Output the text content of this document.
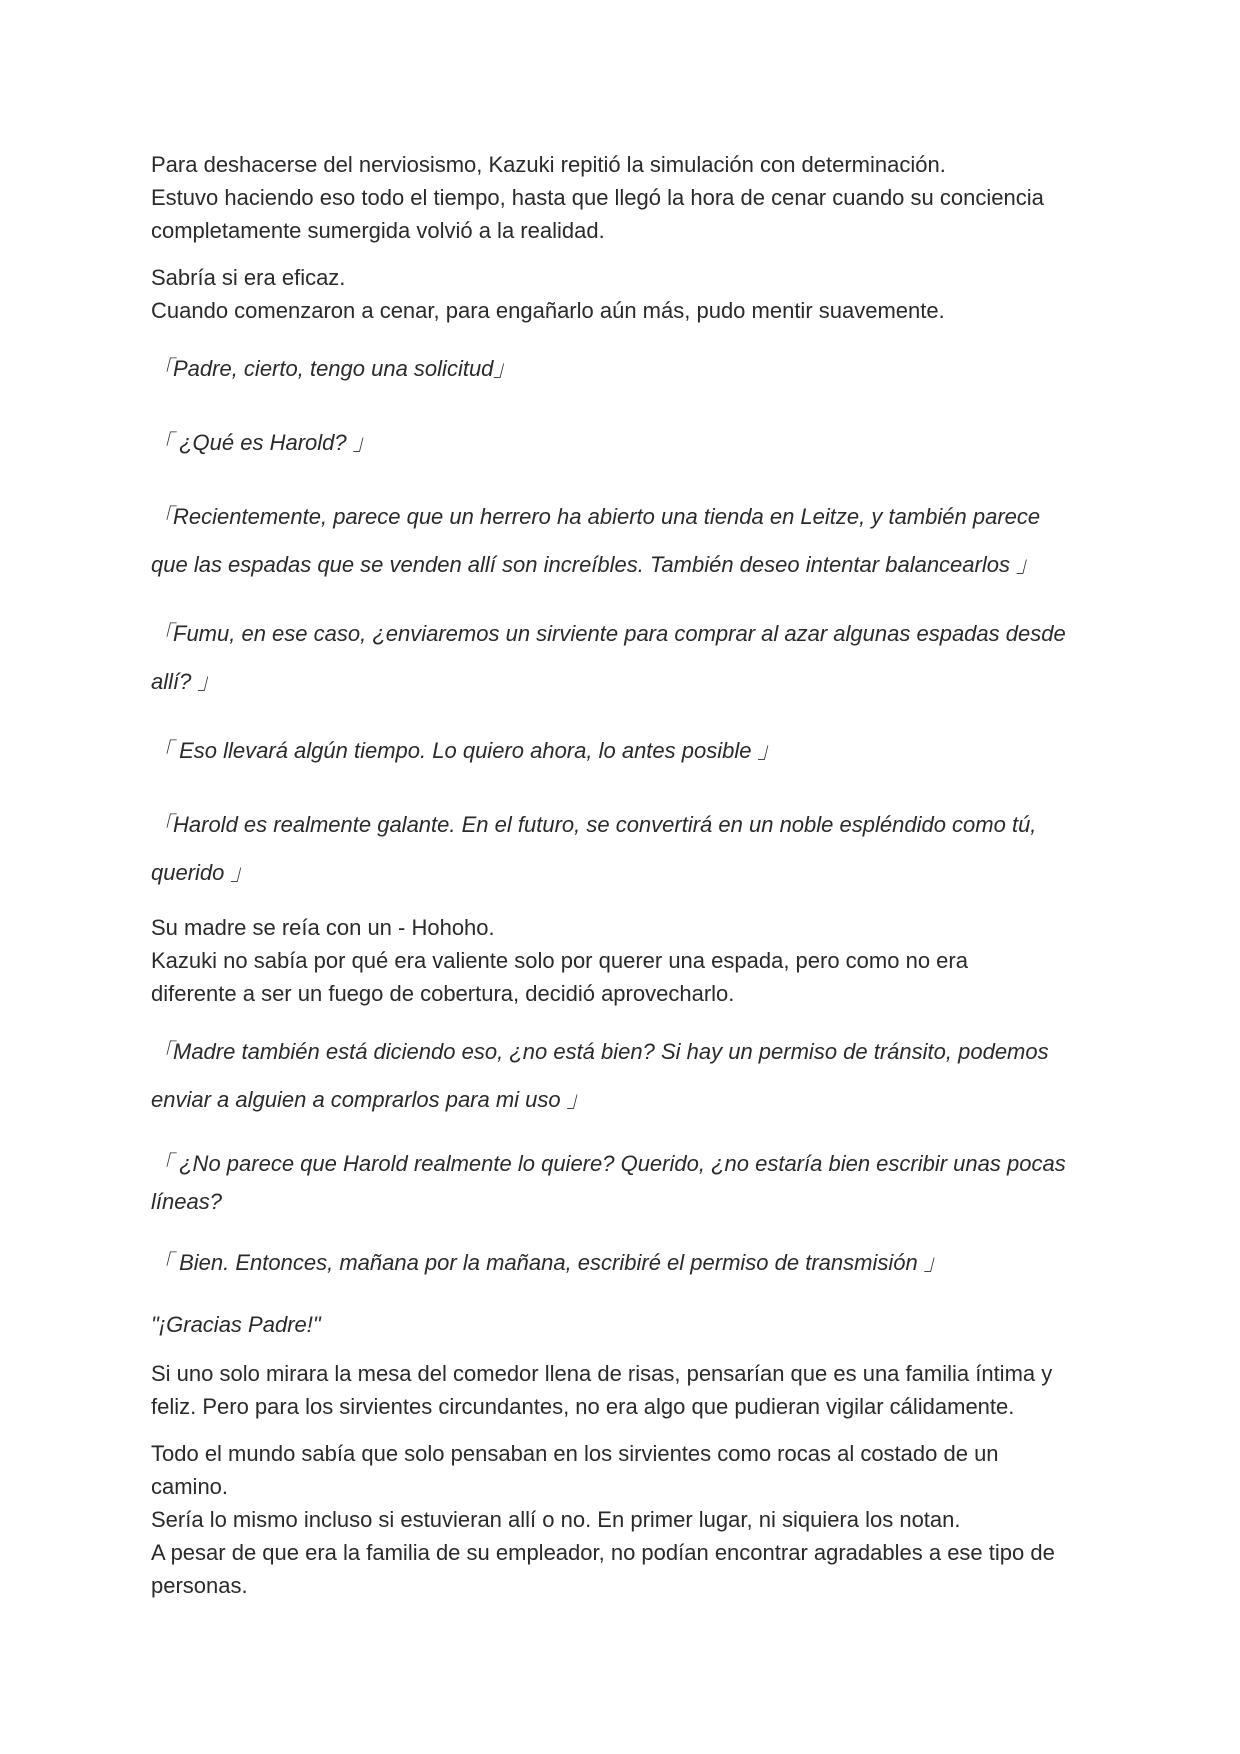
Para deshacerse del nerviosismo, Kazuki repitió la simulación con determinación.
Estuvo haciendo eso todo el tiempo, hasta que llegó la hora de cenar cuando su conciencia
completamente sumergida volvió a la realidad.
Sabría si era eficaz.
Cuando comenzaron a cenar, para engañarlo aún más, pudo mentir suavemente.
「Padre, cierto, tengo una solicitud」
「 ¿Qué es Harold? 」
「Recientemente, parece que un herrero ha abierto una tienda en Leitze, y también parece
que las espadas que se venden allí son increíbles. También deseo intentar balancearlos 」
「Fumu, en ese caso, ¿enviaremos un sirviente para comprar al azar algunas espadas desde
allí? 」
「 Eso llevará algún tiempo. Lo quiero ahora, lo antes posible 」
「Harold es realmente galante. En el futuro, se convertirá en un noble espléndido como tú,
querido 」
Su madre se reía con un - Hohoho.
Kazuki no sabía por qué era valiente solo por querer una espada, pero como no era
diferente a ser un fuego de cobertura, decidió aprovecharlo.
「Madre también está diciendo eso, ¿no está bien? Si hay un permiso de tránsito, podemos
enviar a alguien a comprarlos para mi uso 」
「 ¿No parece que Harold realmente lo quiere? Querido, ¿no estaría bien escribir unas pocas
líneas?
「 Bien. Entonces, mañana por la mañana, escribiré el permiso de transmisión 」
"¡Gracias Padre!"
Si uno solo mirara la mesa del comedor llena de risas, pensarían que es una familia íntima y
feliz. Pero para los sirvientes circundantes, no era algo que pudieran vigilar cálidamente.
Todo el mundo sabía que solo pensaban en los sirvientes como rocas al costado de un
camino.
Sería lo mismo incluso si estuvieran allí o no. En primer lugar, ni siquiera los notan.
A pesar de que era la familia de su empleador, no podían encontrar agradables a ese tipo de
personas.
